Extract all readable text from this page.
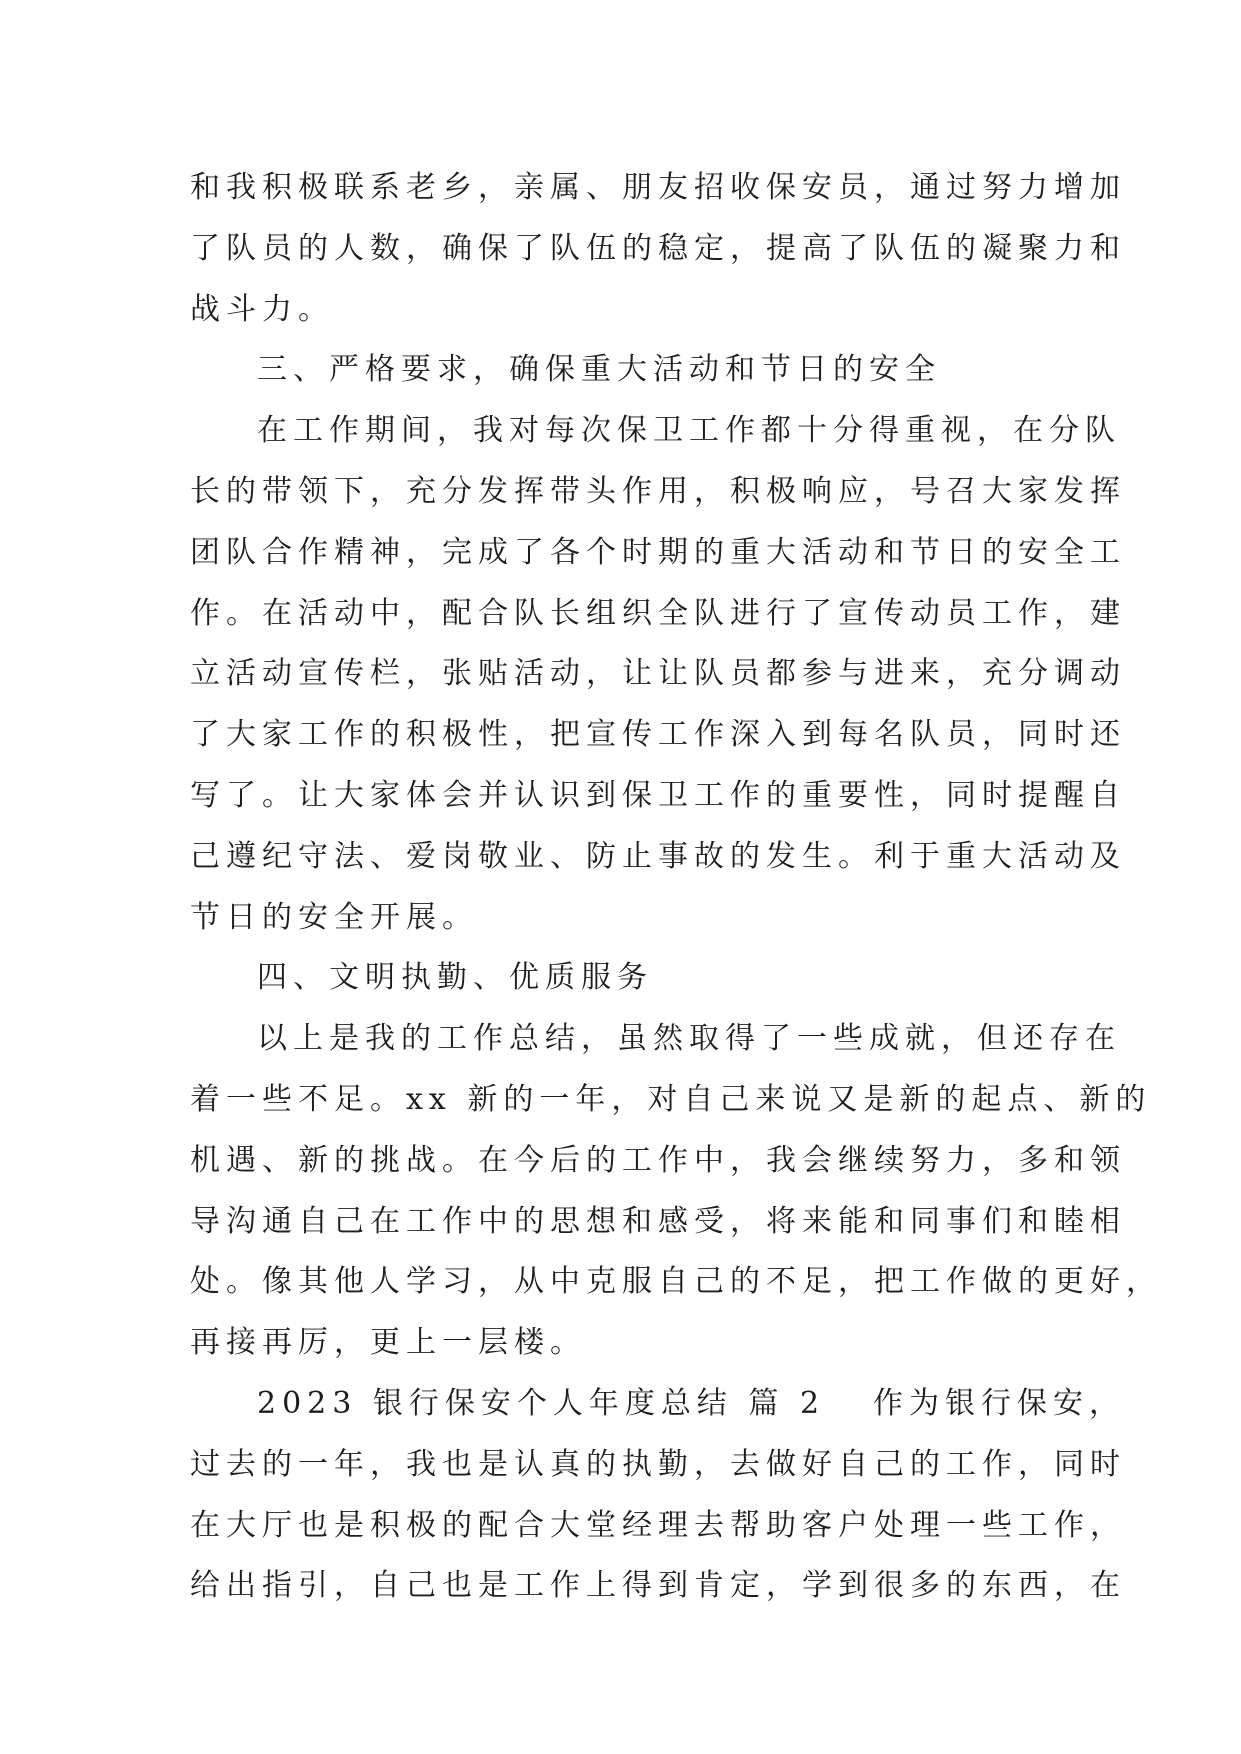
和我积极联系老乡，亲属、朋友招收保安员，通过努力增加
了队员的人数，确保了队伍的稳定，提高了队伍的凝聚力和
战斗力。
三、严格要求，确保重大活动和节日的安全
在工作期间，我对每次保卫工作都十分得重视，在分队
长的带领下，充分发挥带头作用，积极响应，号召大家发挥
团队合作精神，完成了各个时期的重大活动和节日的安全工
作。在活动中，配合队长组织全队进行了宣传动员工作，建
立活动宣传栏，张贴活动，让让队员都参与进来，充分调动
了大家工作的积极性，把宣传工作深入到每名队员，同时还
写了。让大家体会并认识到保卫工作的重要性，同时提醒自
己遵纪守法、爱岗敬业、防止事故的发生。利于重大活动及
节日的安全开展。
四、文明执勤、优质服务
以上是我的工作总结，虽然取得了一些成就，但还存在
着一些不足。xx 新的一年，对自己来说又是新的起点、新的
机遇、新的挑战。在今后的工作中，我会继续努力，多和领
导沟通自己在工作中的思想和感受，将来能和同事们和睦相
处。像其他人学习，从中克服自己的不足，把工作做的更好，
再接再厉，更上一层楼。
2023 银行保安个人年度总结 篇 2 作为银行保安，
过去的一年，我也是认真的执勤，去做好自己的工作，同时
在大厅也是积极的配合大堂经理去帮助客户处理一些工作，
给出指引，自己也是工作上得到肯定，学到很多的东西，在
